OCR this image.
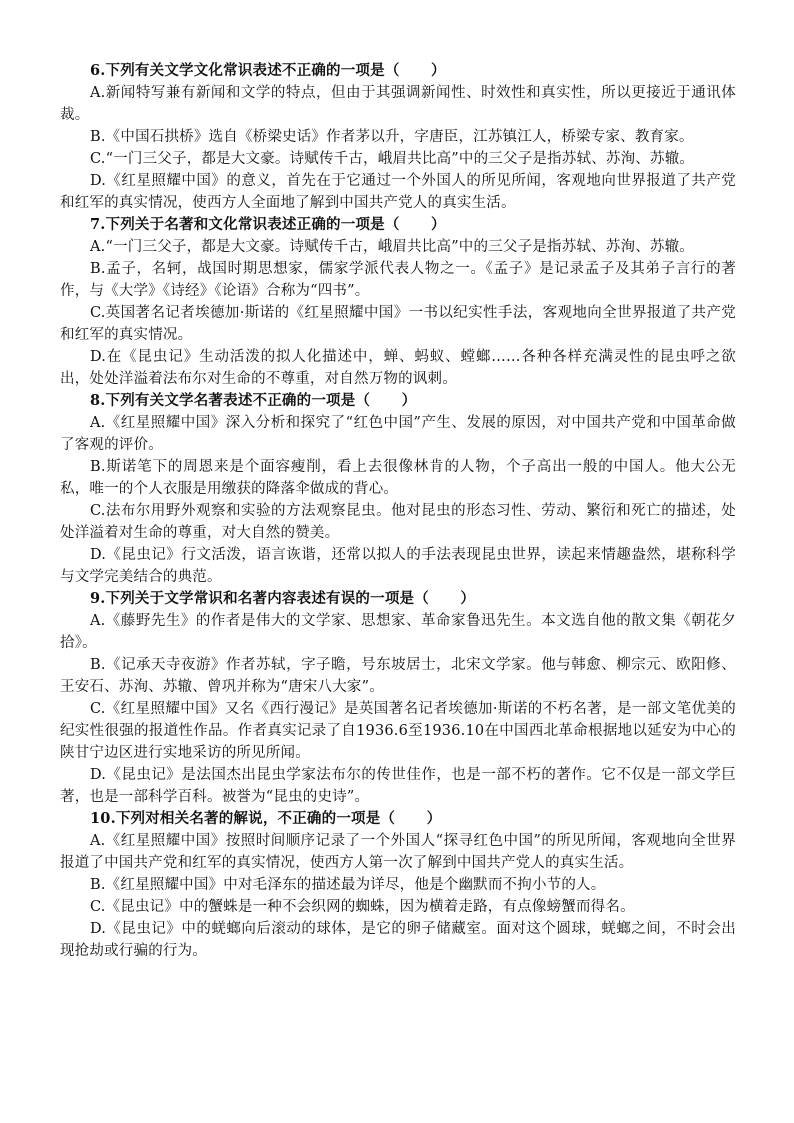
6.下列有关文学文化常识表述不正确的一项是（      ）
A.新闻特写兼有新闻和文学的特点，但由于其强调新闻性、时效性和真实性，所以更接近于通讯体裁。
B.《中国石拱桥》选自《桥梁史话》作者茅以升，字唐臣，江苏镇江人，桥梁专家、教育家。
C.“一门三父子，都是大文豪。诗赋传千古，峨眉共比高”中的三父子是指苏轼、苏洵、苏辙。
D.《红星照耀中国》的意义，首先在于它通过一个外国人的所见所闻，客观地向世界报道了共产党和红军的真实情况，使西方人全面地了解到中国共产党人的真实生活。
7.下列关于名著和文化常识表述正确的一项是（      ）
A.“一门三父子，都是大文豪。诗赋传千古，峨眉共比高”中的三父子是指苏轼、苏洵、苏辙。
B.孟子，名轲，战国时期思想家，儒家学派代表人物之一。《孟子》是记录孟子及其弟子言行的著作，与《大学》《诗经》《论语》合称为“四书”。
C.英国著名记者埃德加·斯诺的《红星照耀中国》一书以纪实性手法，客观地向全世界报道了共产党和红军的真实情况。
D.在《昆虫记》生动活泼的拟人化描述中，蝉、蚂蚁、螳螂……各种各样充满灵性的昆虫呼之欲出，处处洋溢着法布尔对生命的不尊重，对自然万物的讽刺。
8.下列有关文学名著表述不正确的一项是（      ）
A.《红星照耀中国》深入分析和探究了“红色中国”产生、发展的原因，对中国共产党和中国革命做了客观的评价。
B.斯诺笔下的周恩来是个面容瘦削，看上去很像林肯的人物，个子高出一般的中国人。他大公无私，唯一的个人衣服是用缴获的降落伞做成的背心。
C.法布尔用野外观察和实验的方法观察昆虫。他对昆虫的形态习性、劳动、繁衍和死亡的描述，处处洋溢着对生命的尊重，对大自然的赞美。
D.《昆虫记》行文活泼，语言诙谐，还常以拟人的手法表现昆虫世界，读起来情趣盎然，堪称科学与文学完美结合的典范。
9.下列关于文学常识和名著内容表述有误的一项是（      ）
A.《藤野先生》的作者是伟大的文学家、思想家、革命家鲁迅先生。本文选自他的散文集《朝花夕拾》。
B.《记承天寺夜游》作者苏轼，字子瞻，号东坡居士，北宋文学家。他与韩愈、柳宗元、欧阳修、王安石、苏洵、苏辙、曾巩并称为“唐宋八大家”。
C.《红星照耀中国》又名《西行漫记》是英国著名记者埃德加·斯诺的不朽名著，是一部文笔优美的纪实性很强的报道性作品。作者真实记录了自1936.6至1936.10在中国西北革命根据地以延安为中心的陕甘宁边区进行实地采访的所见所闻。
D.《昆虫记》是法国杰出昆虫学家法布尔的传世佳作，也是一部不朽的著作。它不仅是一部文学巨著，也是一部科学百科。被誉为“昆虫的史诗”。
10.下列对相关名著的解说，不正确的一项是（      ）
A.《红星照耀中国》按照时间顺序记录了一个外国人“探寻红色中国”的所见所闻，客观地向全世界报道了中国共产党和红军的真实情况，使西方人第一次了解到中国共产党人的真实生活。
B.《红星照耀中国》中对毛泽东的描述最为详尽，他是个幽默而不拘小节的人。
C.《昆虫记》中的蟹蛛是一种不会织网的蜘蛛，因为横着走路，有点像螃蟹而得名。
D.《昆虫记》中的蜣螂向后滚动的球体，是它的卵子储藏室。面对这个圆球，蜣螂之间，不时会出现抢劫或行骗的行为。
